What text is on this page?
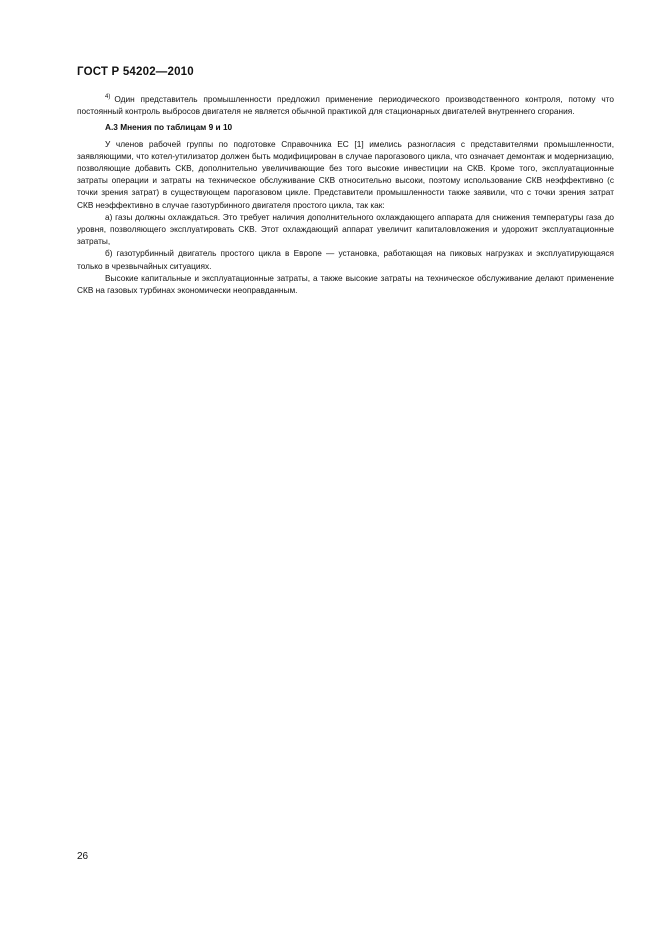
ГОСТ Р 54202—2010

$^{4)}$ Один представитель промышленности предложил применение периодического производственного контроля, потому что постоянный контроль выбросов двигателя не является обычной практикой для стационарных двигателей внутреннего сгорания.

А.3 Мнения по таблицам 9 и 10

У членов рабочей группы по подготовке Справочника ЕС [1] имелись разногласия с представителями промышленности, заявляющими, что котел-утилизатор должен быть модифицирован в случае парогазового цикла, что означает демонтаж и модернизацию, позволяющие добавить СКВ, дополнительно увеличивающие без того высокие инвестиции на СКВ. Кроме того, эксплуатационные затраты операции и затраты на техническое обслуживание СКВ относительно высоки, поэтому использование СКВ неэффективно (с точки зрения затрат) в существующем парогазовом цикле. Представители промышленности также заявили, что с точки зрения затрат СКВ неэффективно в случае газотурбинного двигателя простого цикла, так как:

а) газы должны охлаждаться. Это требует наличия дополнительного охлаждающего аппарата для снижения температуры газа до уровня, позволяющего эксплуатировать СКВ. Этот охлаждающий аппарат увеличит капиталовложения и удорожит эксплуатационные затраты,

б) газотурбинный двигатель простого цикла в Европе — установка, работающая на пиковых нагрузках и эксплуатирующаяся только в чрезвычайных ситуациях.

Высокие капитальные и эксплуатационные затраты, а также высокие затраты на техническое обслуживание делают применение СКВ на газовых турбинах экономически неоправданным.

26
